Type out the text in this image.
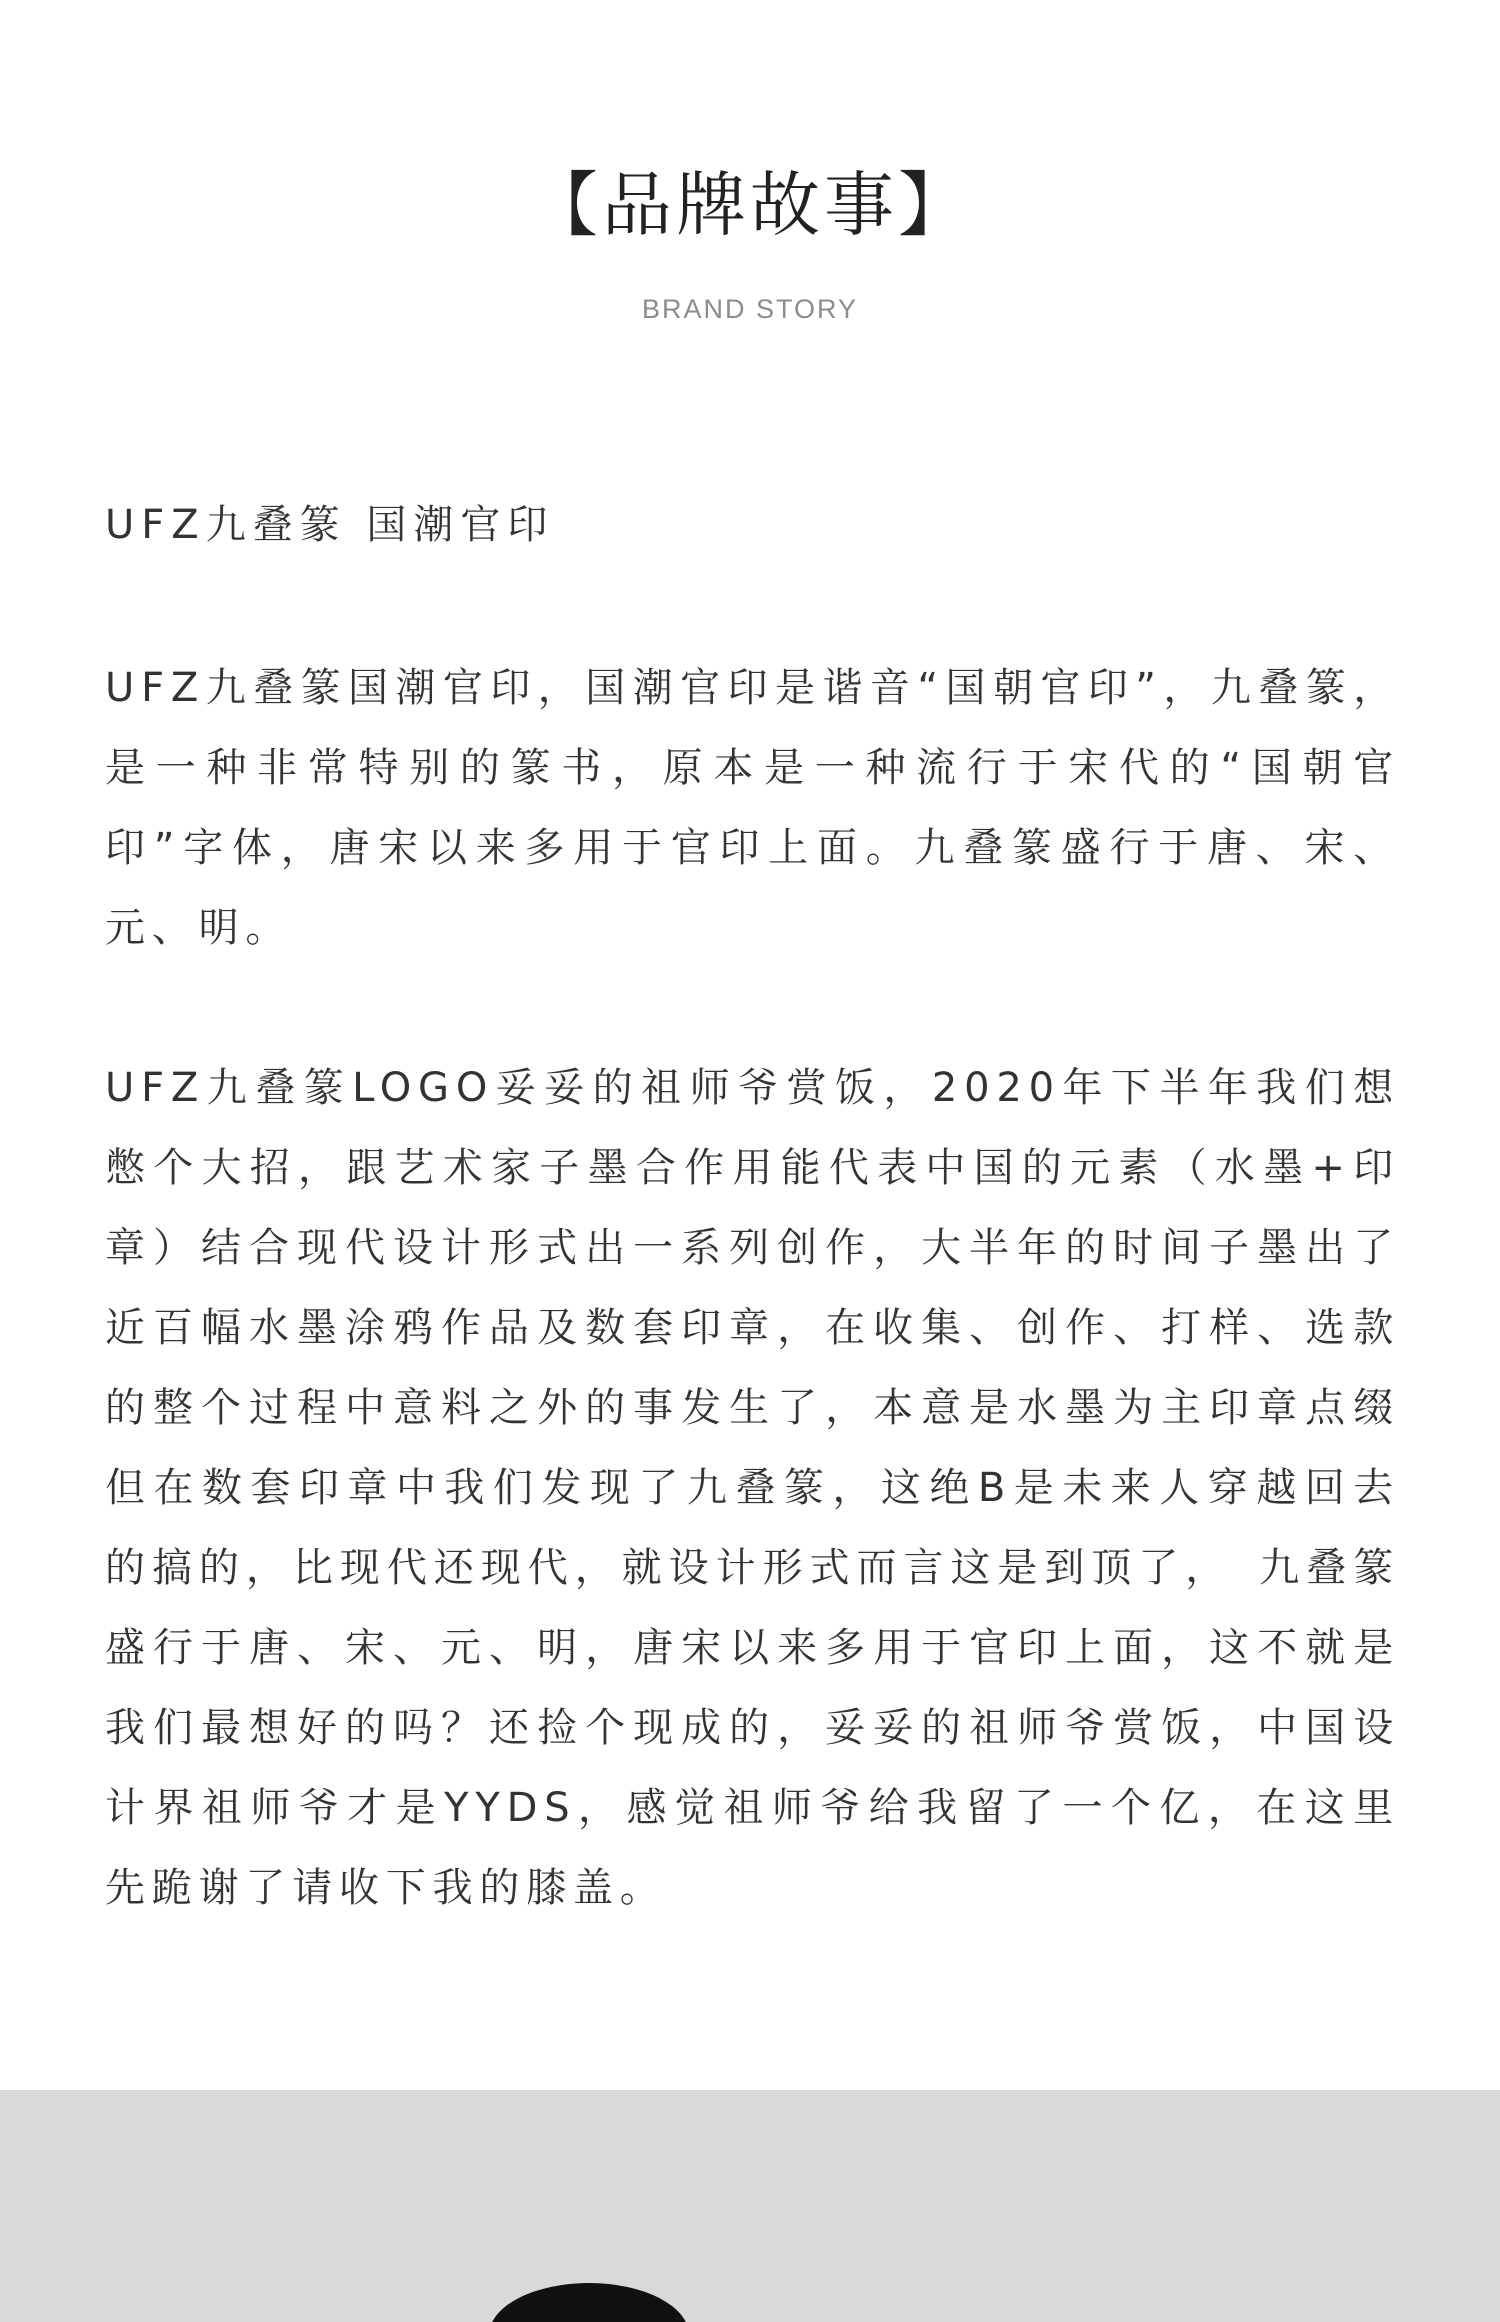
【品牌故事】
BRAND STORY
UFZ九叠篆 国潮官印

UFZ九叠篆国潮官印，国潮官印是谐音“国朝官印”，九叠篆，是一种非常特别的篆书，原本是一种流行于宋代的“国朝官印”字体，唐宋以来多用于官印上面。九叠篆盛行于唐、宋、元、明。

UFZ九叠篆LOGO妥妥的祖师爷赏饭，2020年下半年我们想憋个大招，跟艺术家子墨合作用能代表中国的元素（水墨+印章）结合现代设计形式出一系列创作，大半年的时间子墨出了近百幅水墨涂鸦作品及数套印章，在收集、创作、打样、选款的整个过程中意料之外的事发生了，本意是水墨为主印章点缀但在数套印章中我们发现了九叠篆，这绝B是未来人穿越回去的搞的，比现代还现代，就设计形式而言这是到顶了，　九叠篆盛行于唐、宋、元、明，唐宋以来多用于官印上面，这不就是我们最想好的吗？还捡个现成的，妥妥的祖师爷赏饭，中国设计界祖师爷才是YYDS，感觉祖师爷给我留了一个亿，在这里先跪谢了请收下我的膝盖。
